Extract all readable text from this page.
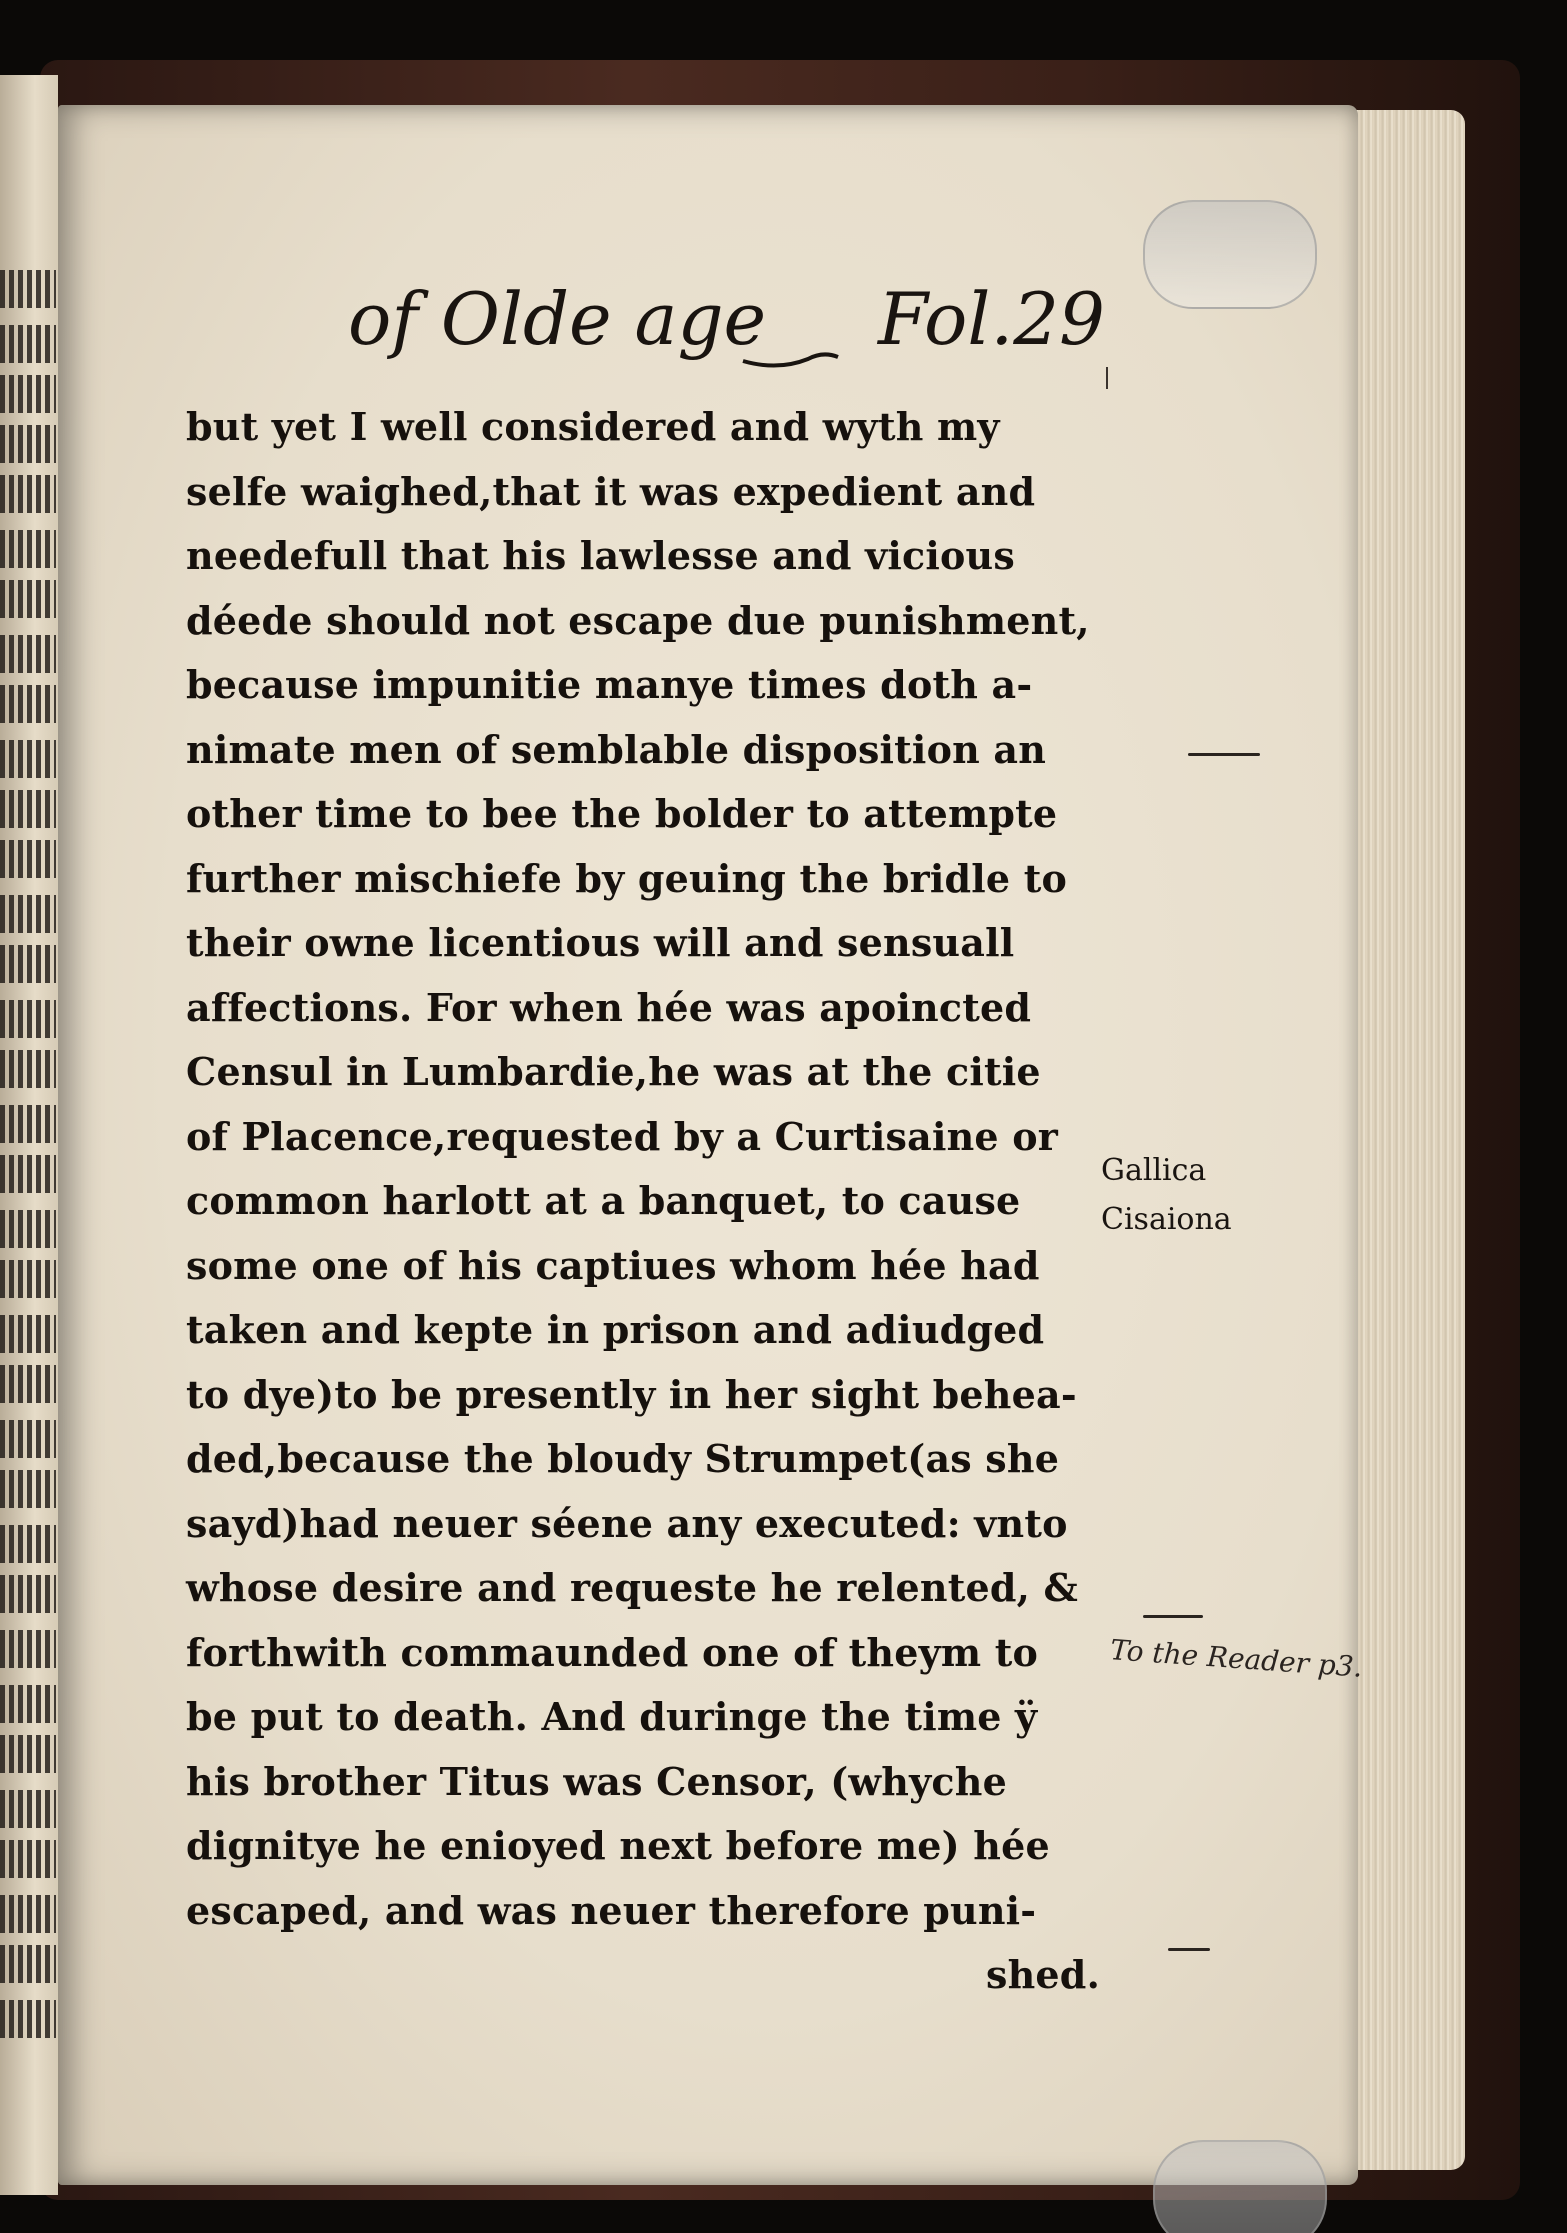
of Olde age Fol.29
but yet I well considered and wyth my
selfe waighed,that it was expedient and
needefull that his lawlesse and vicious
déede should not escape due punishment,
because impunitie manye times doth a-
nimate men of semblable disposition an
other time to bee the bolder to attempte
further mischiefe by geuing the bridle to
their owne licentious will and sensuall
affections. For when hée was apoincted
Censul in Lumbardie,he was at the citie
of Placence,requested by a Curtisaine or
common harlott at a banquet, to cause
some one of his captiues whom hée had
taken and kepte in prison and adiudged
to dye)to be presently in her sight behea-
ded,because the bloudy Strumpet(as she
sayd)had neuer séene any executed: vnto
whose desire and requeste he relented, &
forthwith commaunded one of theym to
be put to death. And duringe the time ÿ
his brother Titus was Censor, (whyche
dignitye he enioyed next before me) hée
escaped, and was neuer therefore puni-
shed.
Gallica
Cisaiona
To the Reader p3.
